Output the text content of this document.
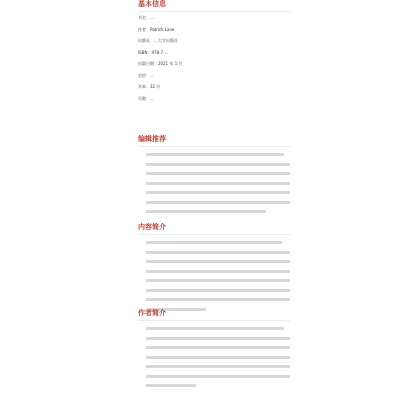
基本信息
书名：…
作者：Patrick Lane
出版社：…大学出版社
ISBN：978-7-…
出版日期：2021 年 1 月
定价：…
开本：32 开
页数：…
编辑推荐

内容简介

作者简介
